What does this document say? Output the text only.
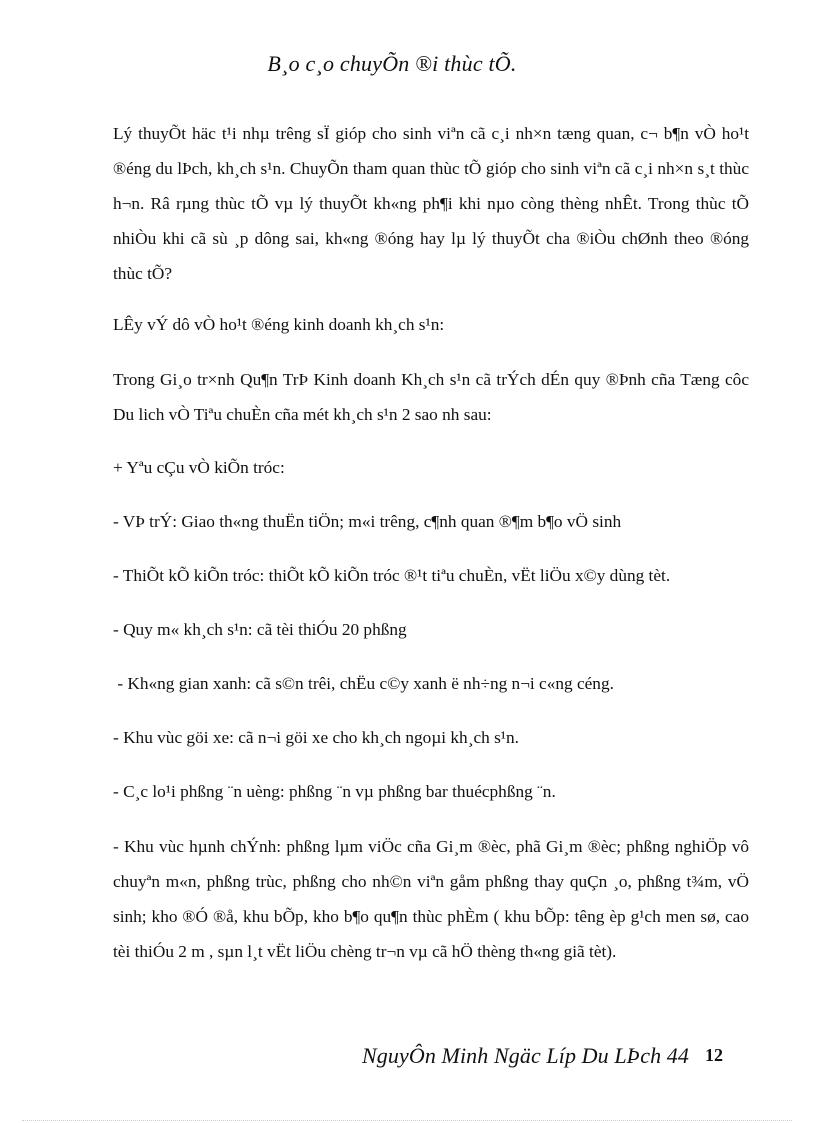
B¸o c¸o chuyÕn ®i thùc tÕ.

Lý thuyÕt häc t¹i nhµ trêng sÏ gióp cho sinh viªn cã c¸i nh×n tæng quan, c¬ b¶n vÒ ho¹t ®éng du lÞch, kh¸ch s¹n. ChuyÕn tham quan thùc tÕ gióp cho sinh viªn cã c¸i nh×n s¸t thùc h¬n. Râ rµng thùc tÕ vµ lý thuyÕt kh«ng ph¶i khi nµo còng thèng nhÊt. Trong thùc tÕ nhiÒu khi cã sù ¸p dông sai, kh«ng ®óng hay lµ lý thuyÕt cha ®iÒu chØnh theo ®óng thùc tÕ?

LÊy vÝ dô vÒ ho¹t ®éng kinh doanh kh¸ch s¹n:

Trong Gi¸o tr×nh Qu¶n TrÞ Kinh doanh Kh¸ch s¹n cã trÝch dÉn quy ®Þnh cña Tæng côc Du lich vÒ Tiªu chuÈn cña mét kh¸ch s¹n 2 sao nh sau:

+ Yªu cÇu vÒ kiÕn tróc:

- VÞ trÝ: Giao th«ng thuËn tiÖn; m«i trêng, c¶nh quan ®¶m b¶o vÖ sinh

- ThiÕt kÕ kiÕn tróc: thiÕt kÕ kiÕn tróc ®¹t tiªu chuÈn, vËt liÖu x©y dùng tèt.

- Quy m« kh¸ch s¹n: cã tèi thiÓu 20 phßng

- Kh«ng gian xanh: cã s©n trêi, chËu c©y xanh ë nh÷ng n¬i c«ng céng.

- Khu vùc göi xe: cã n¬i göi xe cho kh¸ch ngoµi kh¸ch s¹n.

- C¸c lo¹i phßng ¨n uèng: phßng ¨n vµ phßng bar thuécphßng ¨n.

- Khu vùc hµnh chÝnh: phßng lµm viÖc cña Gi¸m ®èc, phã Gi¸m ®èc; phßng nghiÖp vô chuyªn m«n, phßng trùc, phßng cho nh©n viªn gåm phßng thay quÇn ¸o, phßng t¾m, vÖ sinh; kho ®Ó ®å, khu bÕp, kho b¶o qu¶n thùc phÈm ( khu bÕp: têng èp g¹ch men sø, cao tèi thiÓu 2 m , sµn l¸t vËt liÖu chèng tr¬n vµ cã hÖ thèng th«ng giã tèt).

NguyÔn Minh Ngäc Líp Du LÞch 44 12
